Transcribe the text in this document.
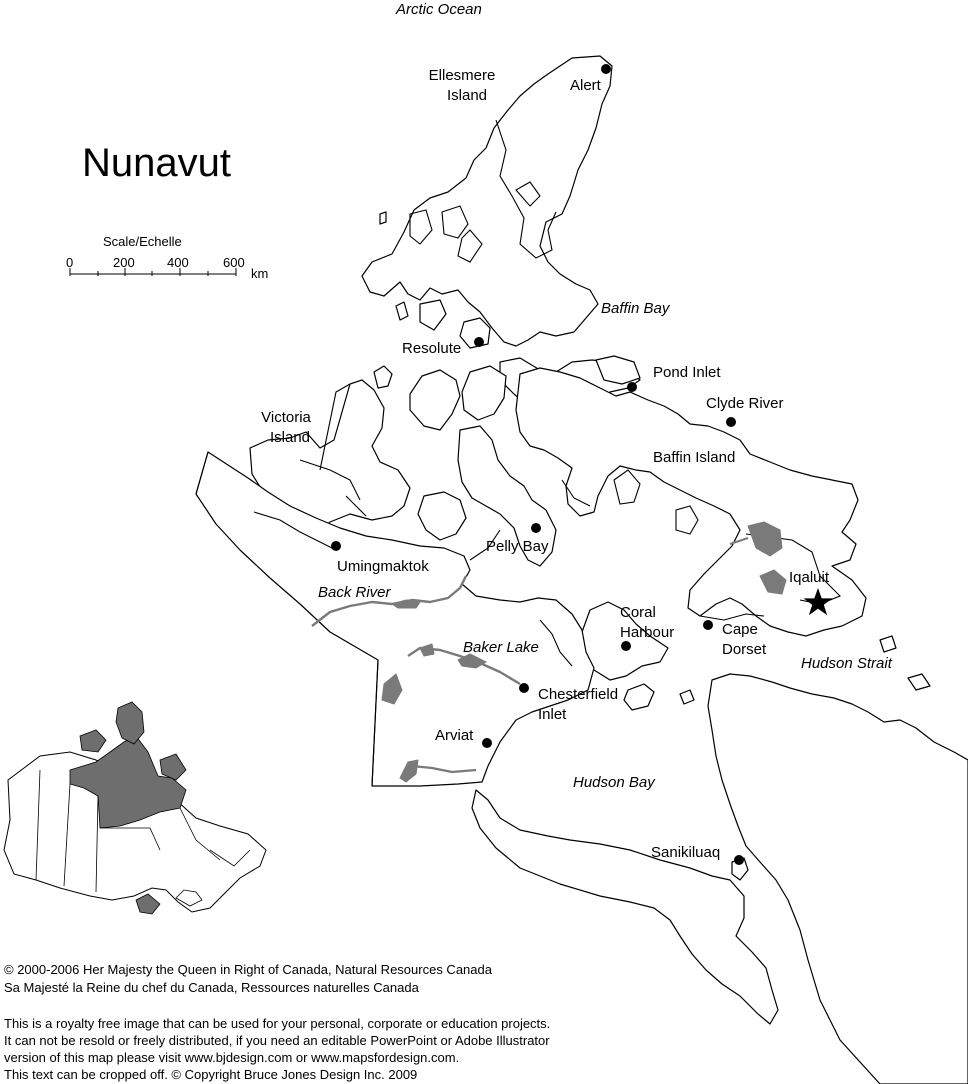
Nunavut
Scale/Echelle
0	200 400	600
km
Arctic Ocean
Baffin Bay
Back River
Baker Lake
Hudson Strait
Hudson Bay
Ellesmere
Island
Victoria
Island
Baffin Island
Alert
Resolute
Pond Inlet
Clyde River
Pelly Bay
Umingmaktok
Iqaluit
Coral
Harbour	Cape
Dorset
Chesterfield
Inlet
Arviat
Sanikiluaq
© 2000-2006 Her Majesty the Queen in Right of Canada, Natural Resources Canada
Sa Majesté la Reine du chef du Canada, Ressources naturelles Canada
This is a royalty free image that can be used for your personal, corporate or education projects.
It can not be resold or freely distributed, if you need an editable PowerPoint or Adobe Illustrator
version of this map please visit www.bjdesign.com or www.mapsfordesign.com.
This text can be cropped off. © Copyright Bruce Jones Design Inc. 2009
